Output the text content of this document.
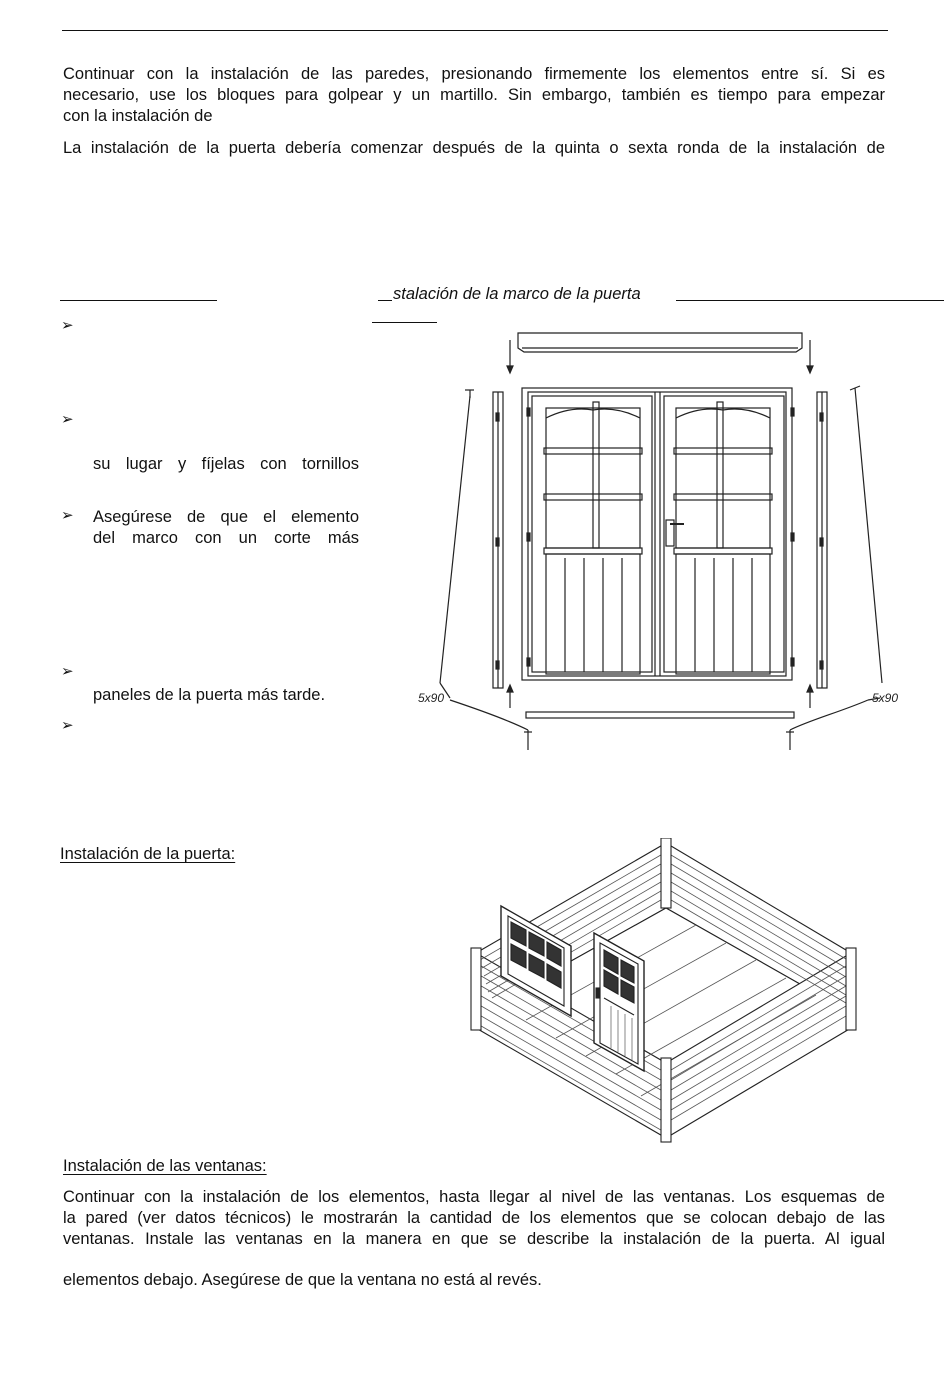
Continuar con la instalación de las paredes, presionando firmemente los elementos entre sí. Si es
necesario, use los bloques para golpear y un martillo. Sin embargo, también es tiempo para empezar
con la instalación de
La instalación de la puerta debería comenzar después de la quinta o sexta ronda de la instalación de
stalación de la marco de la puerta
➢
➢
su lugar y fíjelas con tornillos
➢ Asegúrese de que el elemento
del marco con un corte más
➢
paneles de la puerta más tarde.
➢
5x90	5x90
Instalación de la puerta:
Instalación de las ventanas:
Continuar con la instalación de los elementos, hasta llegar al nivel de las ventanas. Los esquemas de
la pared (ver datos técnicos) le mostrarán la cantidad de los elementos que se colocan debajo de las
ventanas. Instale las ventanas en la manera en que se describe la instalación de la puerta. Al igual
elementos debajo. Asegúrese de que la ventana no está al revés.
